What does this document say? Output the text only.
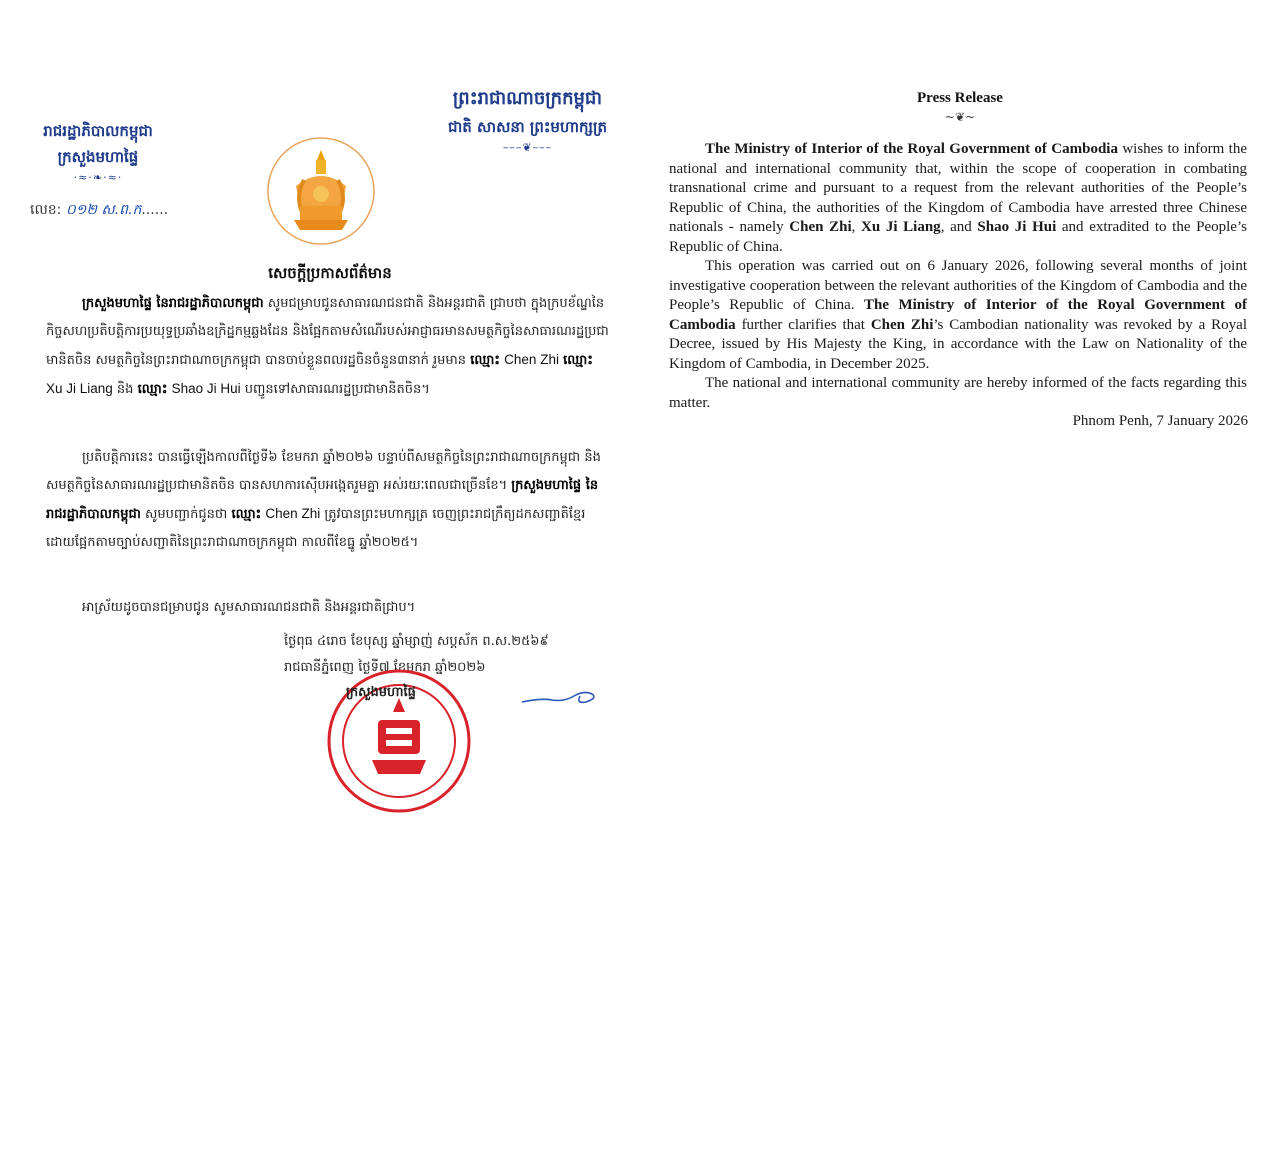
រាជរដ្ឋាភិបាលកម្ពុជា
ក្រសួងមហាផ្ទៃ
·≈·❧·≈·
លេខ: ០១២ ស.ព.ក......
ព្រះរាជាណាចក្រកម្ពុជា
ជាតិ សាសនា ព្រះមហាក្សត្រ
–––❦–––
សេចក្តីប្រកាសព័ត៌មាន

ក្រសួងមហាផ្ទៃ នៃរាជរដ្ឋាភិបាលកម្ពុជា សូមជម្រាបជូនសាធារណជនជាតិ និងអន្តរជាតិ ជ្រាបថា ក្នុងក្របខ័ណ្ឌនៃកិច្ចសហប្រតិបត្តិការប្រយុទ្ធប្រឆាំងឧក្រិដ្ឋកម្មឆ្លងដែន និងផ្អែកតាមសំណើរបស់អាជ្ញាធរមានសមត្ថកិច្ចនៃសាធារណរដ្ឋប្រជាមានិតចិន សមត្ថកិច្ចនៃព្រះរាជាណាចក្រកម្ពុជា បានចាប់ខ្លួនពលរដ្ឋចិនចំនួន៣នាក់ រួមមាន ឈ្មោះ Chen Zhi ឈ្មោះ Xu Ji Liang និង ឈ្មោះ Shao Ji Hui បញ្ជូនទៅសាធារណរដ្ឋប្រជាមានិតចិន។

ប្រតិបត្តិការនេះ បានធ្វើឡើងកាលពីថ្ងៃទី៦ ខែមករា ឆ្នាំ២០២៦ បន្ទាប់ពីសមត្ថកិច្ចនៃព្រះរាជាណាចក្រកម្ពុជា និងសមត្ថកិច្ចនៃសាធារណរដ្ឋប្រជាមានិតចិន បានសហការស៊ើបអង្កេតរួមគ្នា អស់រយៈពេលជាច្រើនខែ។ ក្រសួងមហាផ្ទៃ នៃរាជរដ្ឋាភិបាលកម្ពុជា សូមបញ្ជាក់ជូនថា ឈ្មោះ Chen Zhi ត្រូវបានព្រះមហាក្សត្រ ចេញព្រះរាជក្រឹត្យដកសញ្ជាតិខ្មែរ ដោយផ្អែកតាមច្បាប់សញ្ជាតិនៃព្រះរាជាណាចក្រកម្ពុជា កាលពីខែធ្នូ ឆ្នាំ២០២៥។

អាស្រ័យដូចបានជម្រាបជូន សូមសាធារណជនជាតិ និងអន្តរជាតិជ្រាប។

ថ្ងៃពុធ ៤រោច ខែបុស្ស ឆ្នាំម្សាញ់ សប្តស័ក ព.ស.២៥៦៩
រាជធានីភ្នំពេញ ថ្ងៃទី៧ ខែមករា ឆ្នាំ២០២៦
ក្រសួងមហាផ្ទៃ
Press Release
~❦~

The Ministry of Interior of the Royal Government of Cambodia wishes to inform the national and international community that, within the scope of cooperation in combating transnational crime and pursuant to a request from the relevant authorities of the People’s Republic of China, the authorities of the Kingdom of Cambodia have arrested three Chinese nationals - namely Chen Zhi, Xu Ji Liang, and Shao Ji Hui and extradited to the People’s Republic of China.

This operation was carried out on 6 January 2026, following several months of joint investigative cooperation between the relevant authorities of the Kingdom of Cambodia and the People’s Republic of China. The Ministry of Interior of the Royal Government of Cambodia further clarifies that Chen Zhi’s Cambodian nationality was revoked by a Royal Decree, issued by His Majesty the King, in accordance with the Law on Nationality of the Kingdom of Cambodia, in December 2025.

The national and international community are hereby informed of the facts regarding this matter.

Phnom Penh, 7 January 2026
